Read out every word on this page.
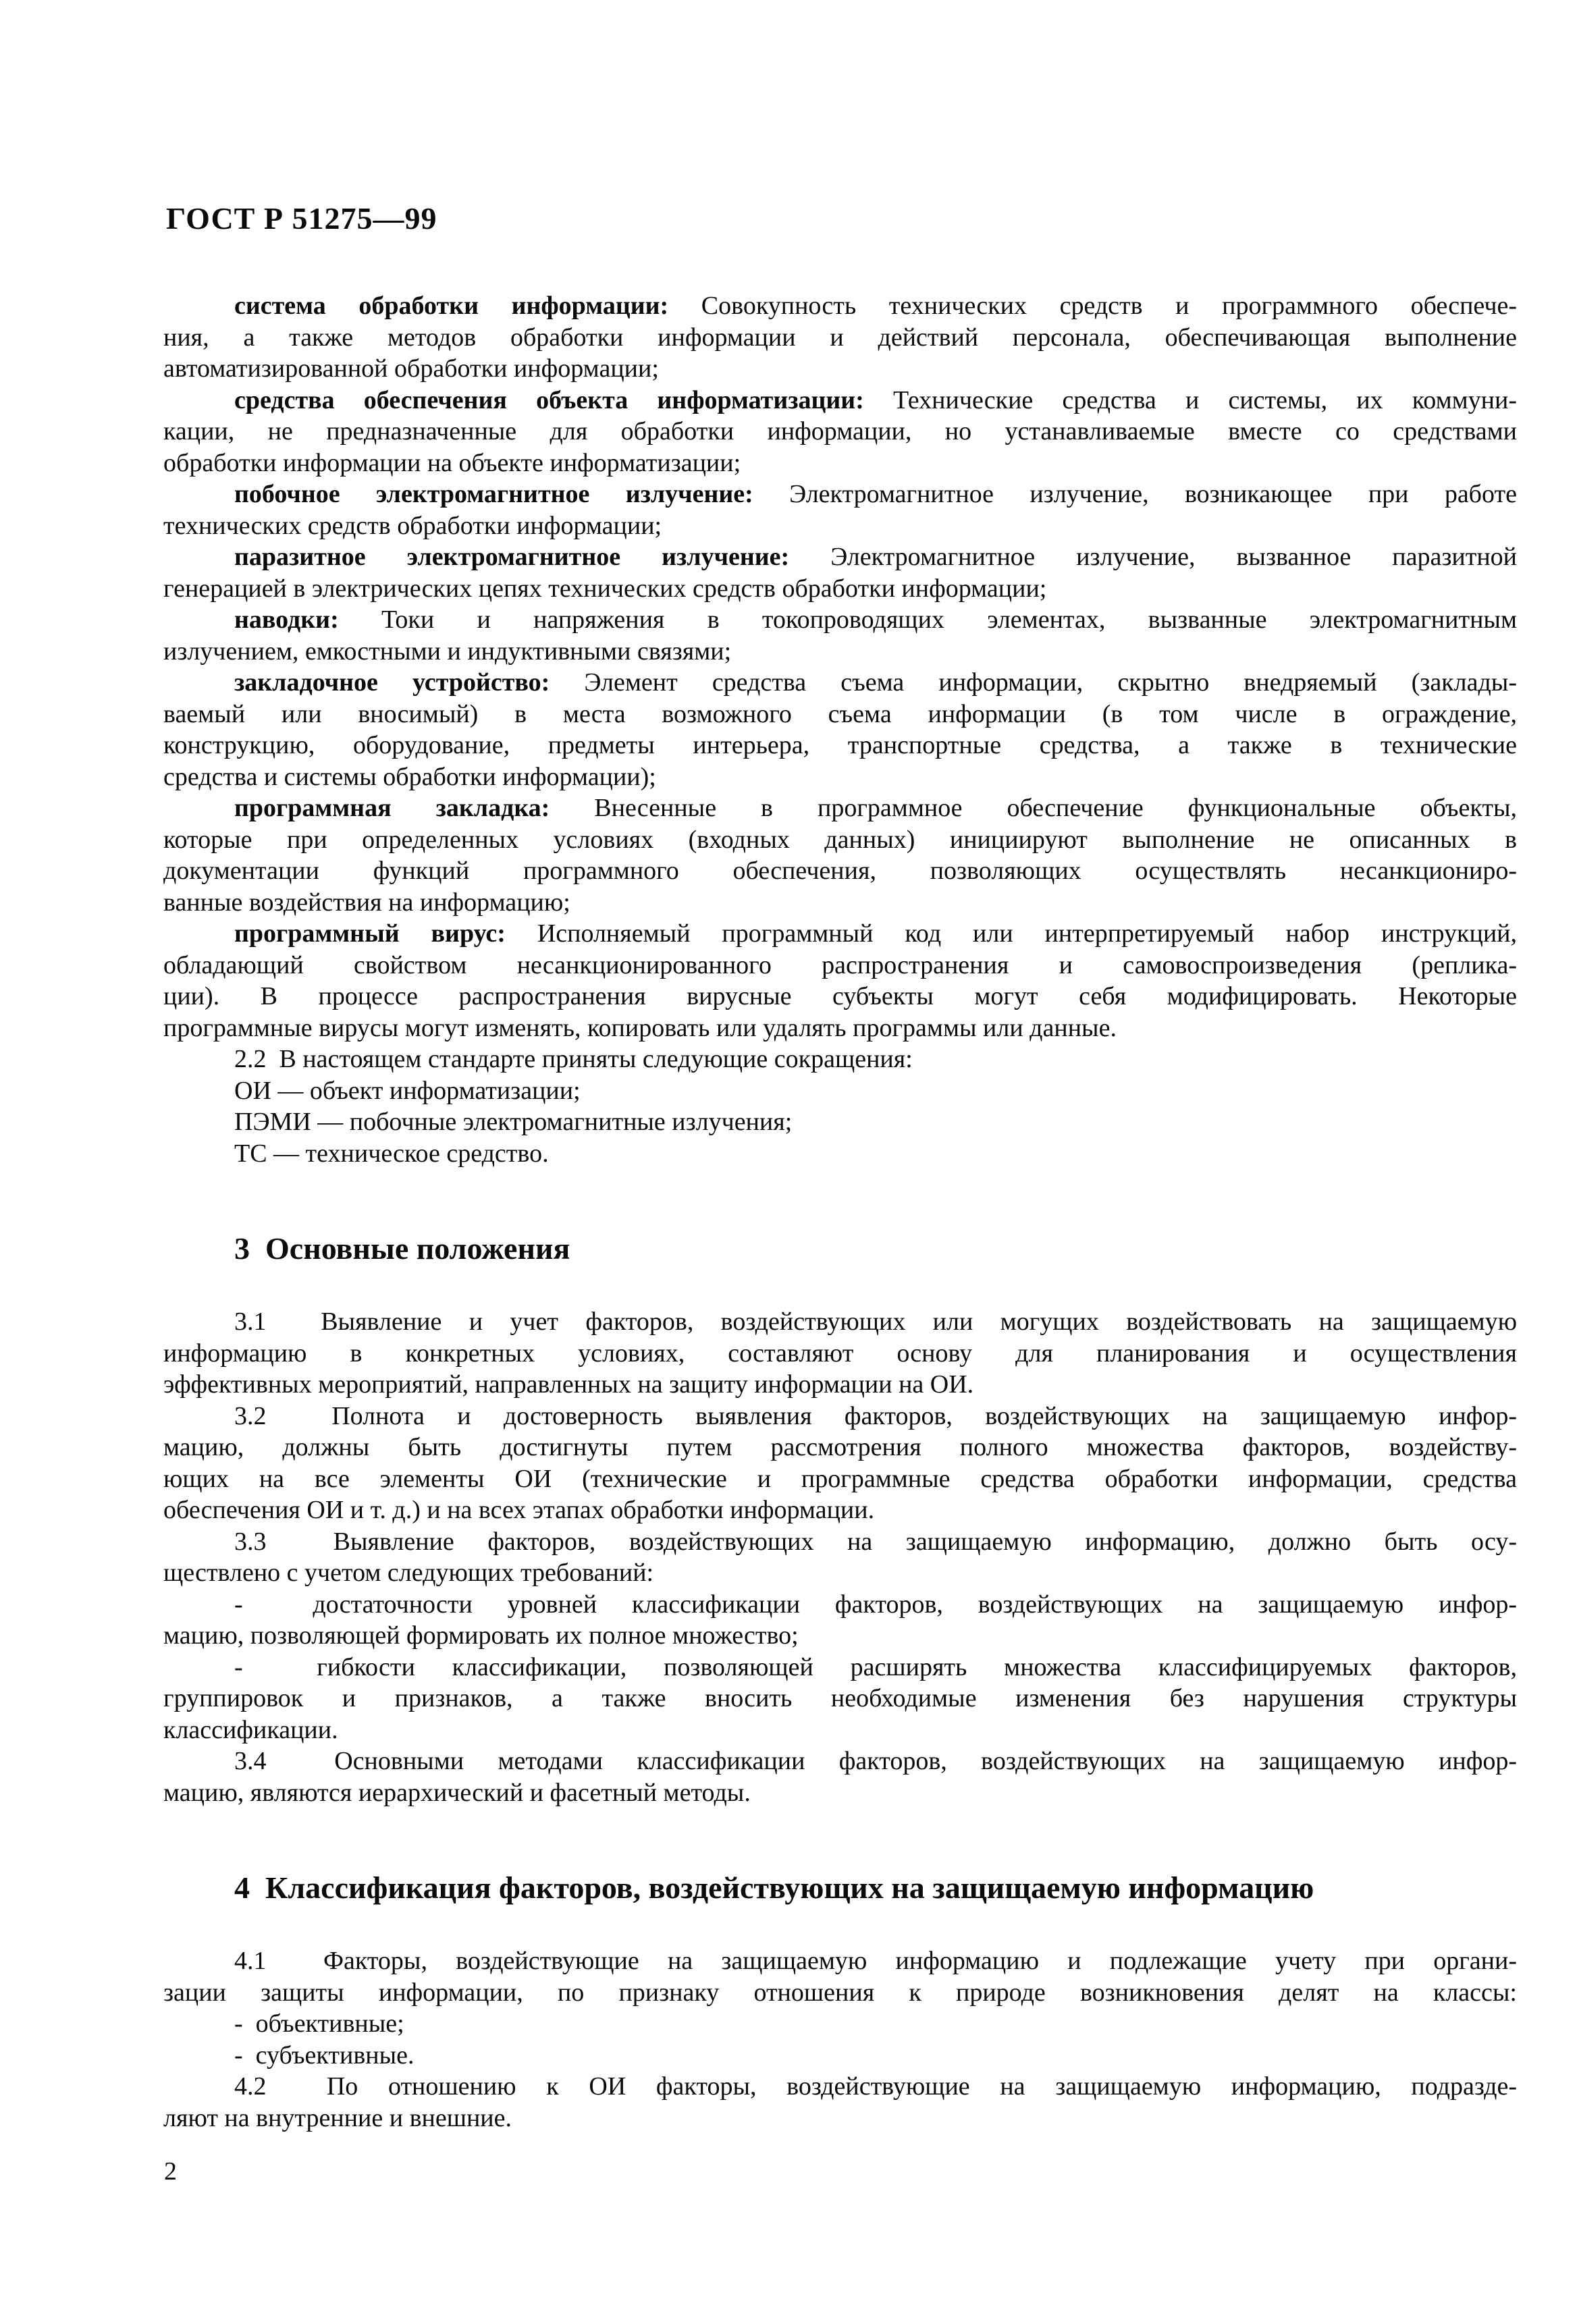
ГОСТ Р 51275—99
система обработки информации: Совокупность технических средств и программного обеспече-
ния, а также методов обработки информации и действий персонала, обеспечивающая выполнение
автоматизированной обработки информации;
средства обеспечения объекта информатизации: Технические средства и системы, их коммуни-
кации, не предназначенные для обработки информации, но устанавливаемые вместе со средствами
обработки информации на объекте информатизации;
побочное электромагнитное излучение: Электромагнитное излучение, возникающее при работе
технических средств обработки информации;
паразитное электромагнитное излучение: Электромагнитное излучение, вызванное паразитной
генерацией в электрических цепях технических средств обработки информации;
наводки: Токи и напряжения в токопроводящих элементах, вызванные электромагнитным
излучением, емкостными и индуктивными связями;
закладочное устройство: Элемент средства съема информации, скрытно внедряемый (заклады-
ваемый или вносимый) в места возможного съема информации (в том числе в ограждение,
конструкцию, оборудование, предметы интерьера, транспортные средства, а также в технические
средства и системы обработки информации);
программная закладка: Внесенные в программное обеспечение функциональные объекты,
которые при определенных условиях (входных данных) инициируют выполнение не описанных в
документации функций программного обеспечения, позволяющих осуществлять несанкциониро-
ванные воздействия на информацию;
программный вирус: Исполняемый программный код или интерпретируемый набор инструкций,
обладающий свойством несанкционированного распространения и самовоспроизведения (реплика-
ции). В процессе распространения вирусные субъекты могут себя модифицировать. Некоторые
программные вирусы могут изменять, копировать или удалять программы или данные.
2.2  В настоящем стандарте приняты следующие сокращения:
ОИ — объект информатизации;
ПЭМИ — побочные электромагнитные излучения;
ТС — техническое средство.
3  Основные положения
3.1  Выявление и учет факторов, воздействующих или могущих воздействовать на защищаемую
информацию в конкретных условиях, составляют основу для планирования и осуществления
эффективных мероприятий, направленных на защиту информации на ОИ.
3.2  Полнота и достоверность выявления факторов, воздействующих на защищаемую инфор-
мацию, должны быть достигнуты путем рассмотрения полного множества факторов, воздейству-
ющих на все элементы ОИ (технические и программные средства обработки информации, средства
обеспечения ОИ и т. д.) и на всех этапах обработки информации.
3.3  Выявление факторов, воздействующих на защищаемую информацию, должно быть осу-
ществлено с учетом следующих требований:
-  достаточности уровней классификации факторов, воздействующих на защищаемую инфор-
мацию, позволяющей формировать их полное множество;
-  гибкости классификации, позволяющей расширять множества классифицируемых факторов,
группировок и признаков, а также вносить необходимые изменения без нарушения структуры
классификации.
3.4  Основными методами классификации факторов, воздействующих на защищаемую инфор-
мацию, являются иерархический и фасетный методы.
4  Классификация факторов, воздействующих на защищаемую информацию
4.1  Факторы, воздействующие на защищаемую информацию и подлежащие учету при органи-
зации защиты информации, по признаку отношения к природе возникновения делят на классы:
-  объективные;
-  субъективные.
4.2  По отношению к ОИ факторы, воздействующие на защищаемую информацию, подразде-
ляют на внутренние и внешние.
2
